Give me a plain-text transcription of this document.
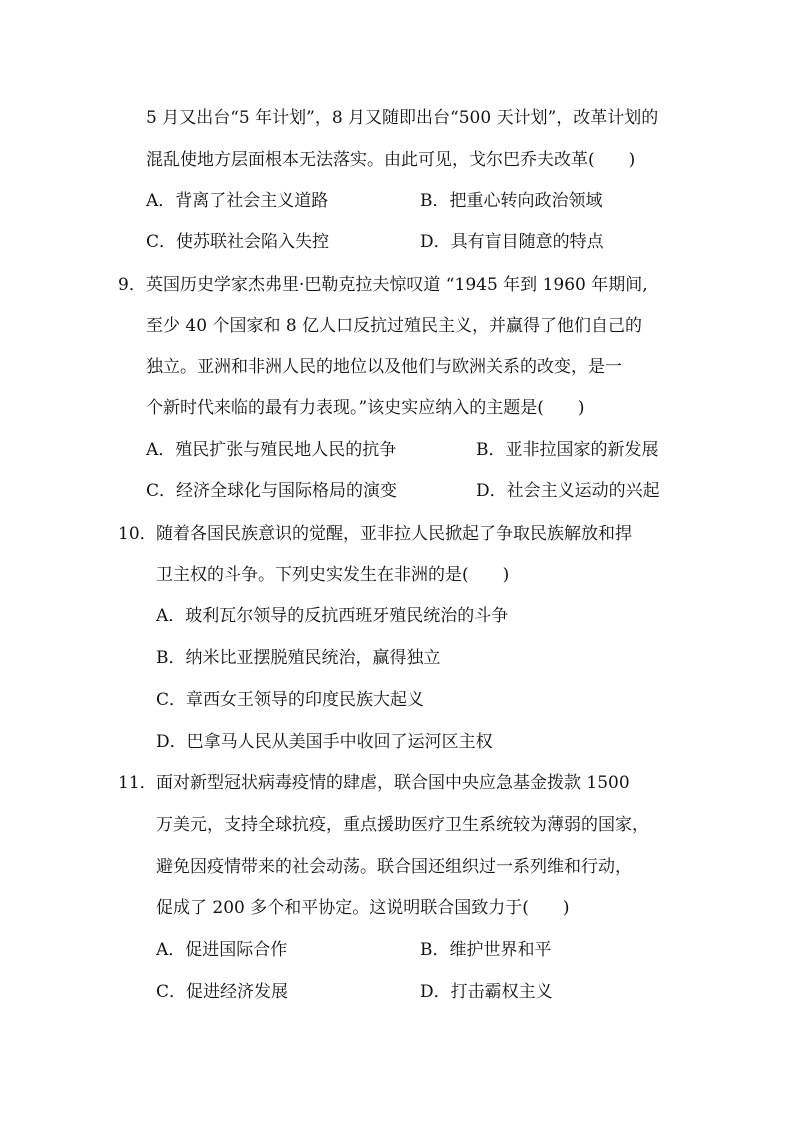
5 月又出台“5 年计划”，8 月又随即出台“500 天计划”，改革计划的
混乱使地方层面根本无法落实。由此可见，戈尔巴乔夫改革(　　)
A．背离了社会主义道路	B．把重心转向政治领域
C．使苏联社会陷入失控	D．具有盲目随意的特点
9． 英国历史学家杰弗里·巴勒克拉夫惊叹道 “1945 年到 1960 年期间,
至少 40 个国家和 8 亿人口反抗过殖民主义，并赢得了他们自己的
独立。亚洲和非洲人民的地位以及他们与欧洲关系的改变，是一
个新时代来临的最有力表现。”该史实应纳入的主题是(　　)
A．殖民扩张与殖民地人民的抗争	B．亚非拉国家的新发展
C．经济全球化与国际格局的演变	D．社会主义运动的兴起
10． 随着各国民族意识的觉醒，亚非拉人民掀起了争取民族解放和捍
卫主权的斗争。下列史实发生在非洲的是(　　)
A．玻利瓦尔领导的反抗西班牙殖民统治的斗争
B．纳米比亚摆脱殖民统治，赢得独立
C．章西女王领导的印度民族大起义
D．巴拿马人民从美国手中收回了运河区主权
11． 面对新型冠状病毒疫情的肆虐，联合国中央应急基金拨款 1500
万美元，支持全球抗疫，重点援助医疗卫生系统较为薄弱的国家，
避免因疫情带来的社会动荡。联合国还组织过一系列维和行动，
促成了 200 多个和平协定。这说明联合国致力于(　　)
A．促进国际合作	B．维护世界和平
C．促进经济发展	D．打击霸权主义
